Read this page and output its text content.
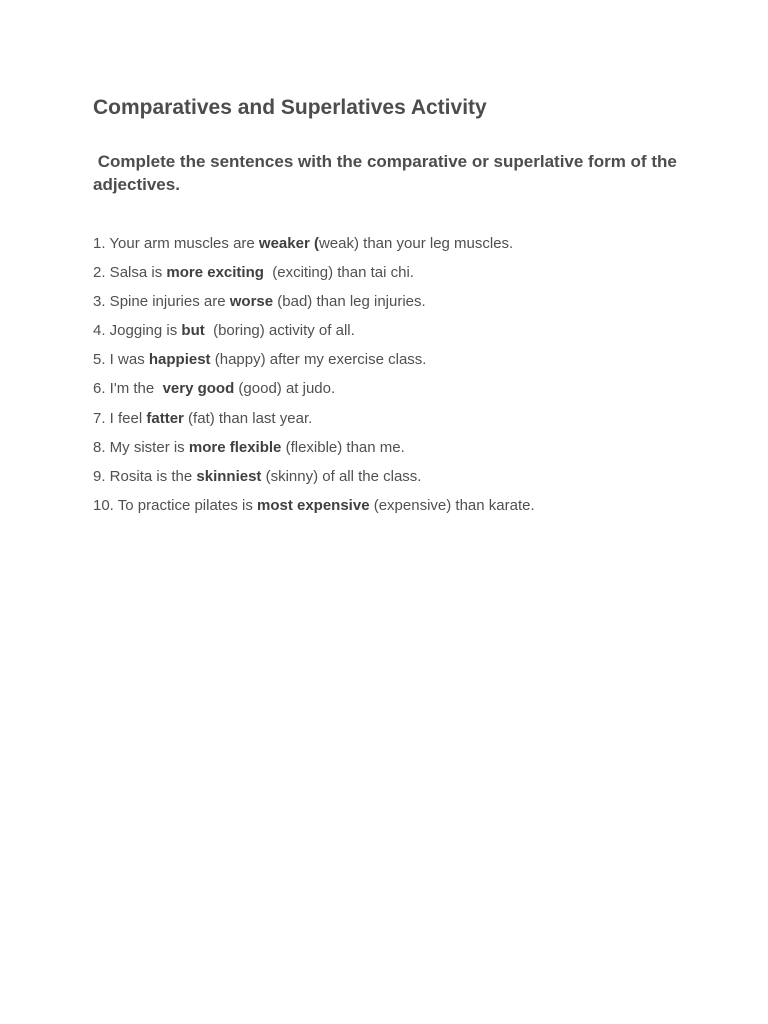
Comparatives and Superlatives Activity

Complete the sentences with the comparative or superlative form of the adjectives.

1. Your arm muscles are weaker (weak) than your leg muscles.
2. Salsa is more exciting  (exciting) than tai chi.
3. Spine injuries are worse (bad) than leg injuries.
4. Jogging is but  (boring) activity of all.
5. I was happiest (happy) after my exercise class.
6. I'm the  very good (good) at judo.
7. I feel fatter (fat) than last year.
8. My sister is more flexible (flexible) than me.
9. Rosita is the skinniest (skinny) of all the class.
10. To practice pilates is most expensive (expensive) than karate.
